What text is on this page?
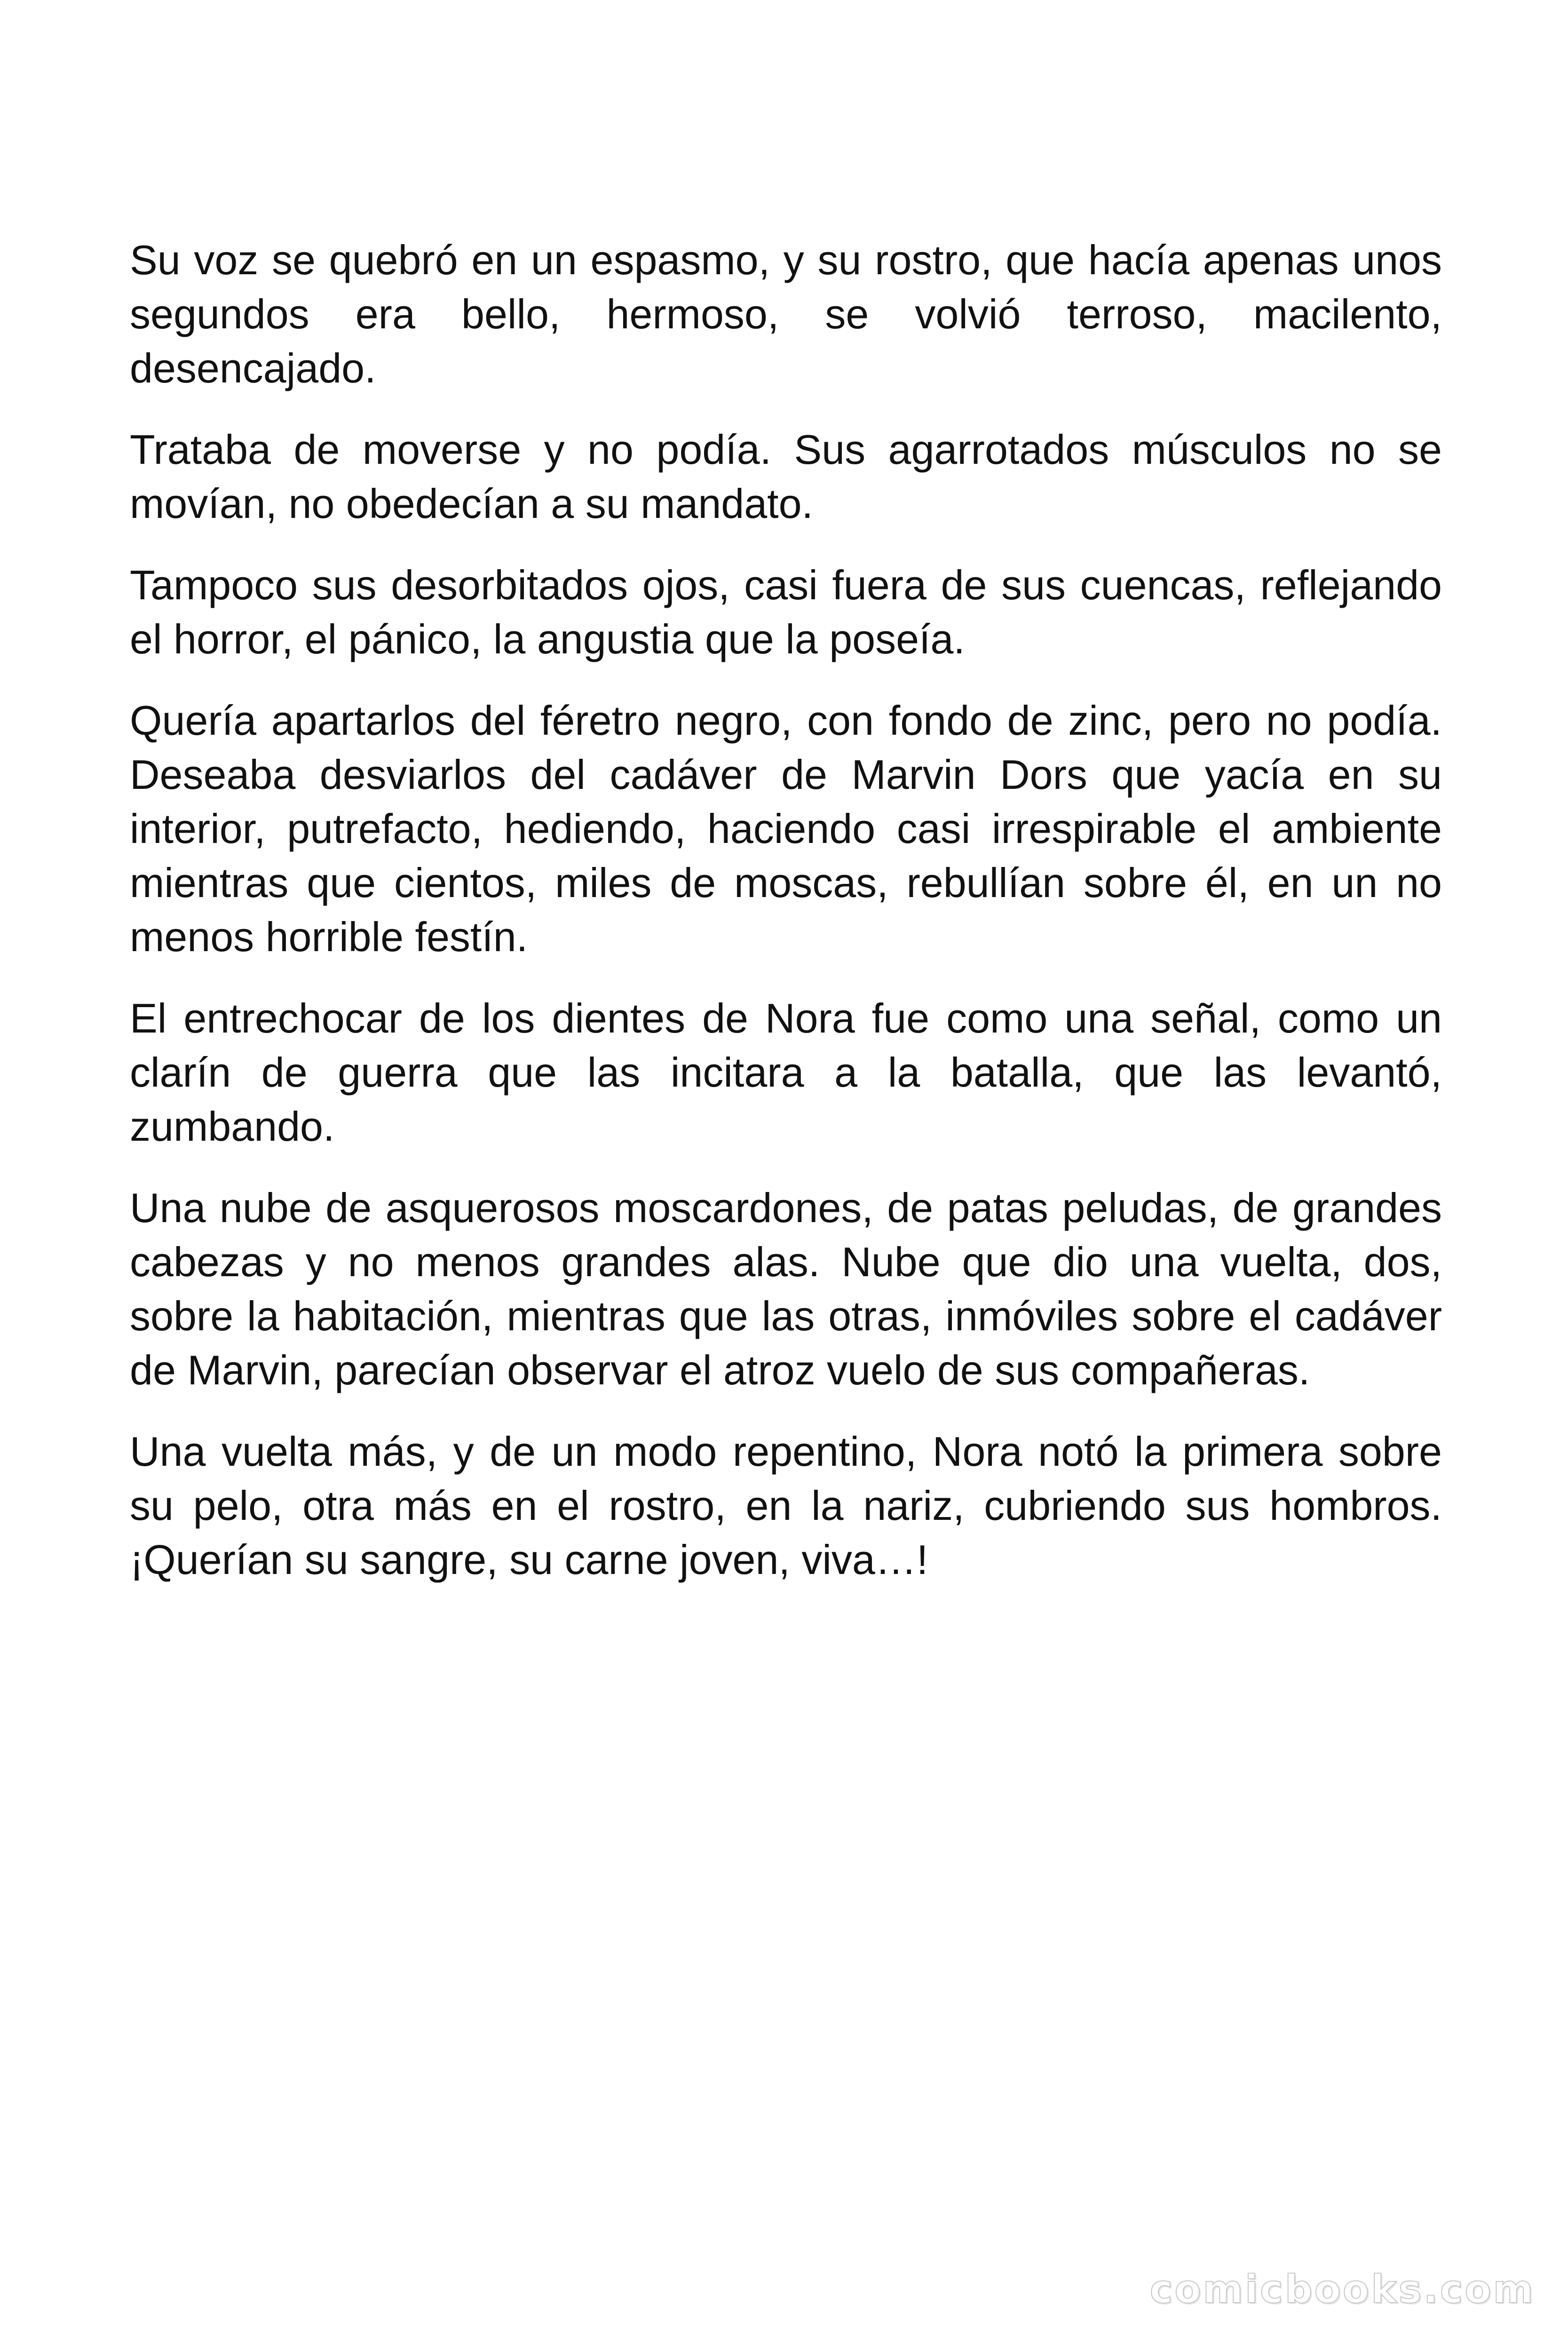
Su voz se quebró en un espasmo, y su rostro, que hacía apenas unos segundos era bello, hermoso, se volvió terroso, macilento, desencajado.

Trataba de moverse y no podía. Sus agarrotados músculos no se movían, no obedecían a su mandato.

Tampoco sus desorbitados ojos, casi fuera de sus cuencas, reflejando el horror, el pánico, la angustia que la poseía.

Quería apartarlos del féretro negro, con fondo de zinc, pero no podía. Deseaba desviarlos del cadáver de Marvin Dors que yacía en su interior, putrefacto, hediendo, haciendo casi irrespirable el ambiente mientras que cientos, miles de moscas, rebullían sobre él, en un no menos horrible festín.

El entrechocar de los dientes de Nora fue como una señal, como un clarín de guerra que las incitara a la batalla, que las levantó, zumbando.

Una nube de asquerosos moscardones, de patas peludas, de grandes cabezas y no menos grandes alas. Nube que dio una vuelta, dos, sobre la habitación, mientras que las otras, inmóviles sobre el cadáver de Marvin, parecían observar el atroz vuelo de sus compañeras.

Una vuelta más, y de un modo repentino, Nora notó la primera sobre su pelo, otra más en el rostro, en la nariz, cubriendo sus hombros. ¡Querían su sangre, su carne joven, viva…!

comicbooks.com
